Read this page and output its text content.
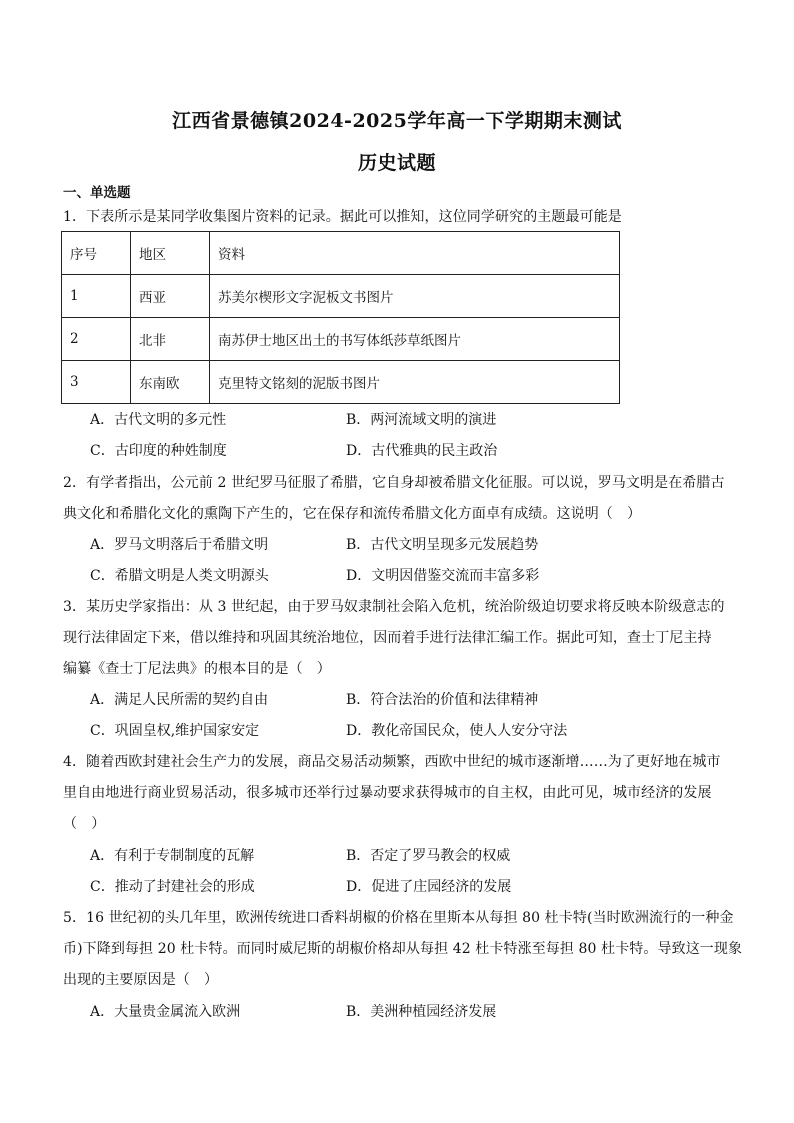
江西省景德镇2024-2025学年高一下学期期末测试
历史试题
一、单选题
1．下表所示是某同学收集图片资料的记录。据此可以推知，这位同学研究的主题最可能是
序号	地区	资料
1	西亚	苏美尔楔形文字泥板文书图片
2	北非	南苏伊士地区出土的书写体纸莎草纸图片
3	东南欧	克里特文铭刻的泥版书图片
A．古代文明的多元性	B．两河流域文明的演进
C．古印度的种姓制度	D．古代雅典的民主政治
2．有学者指出，公元前 2 世纪罗马征服了希腊，它自身却被希腊文化征服。可以说，罗马文明是在希腊古
典文化和希腊化文化的熏陶下产生的，它在保存和流传希腊文化方面卓有成绩。这说明（　）
A．罗马文明落后于希腊文明	B．古代文明呈现多元发展趋势
C．希腊文明是人类文明源头	D．文明因借鉴交流而丰富多彩
3．某历史学家指出：从 3 世纪起，由于罗马奴隶制社会陷入危机，统治阶级迫切要求将反映本阶级意志的
现行法律固定下来，借以维持和巩固其统治地位，因而着手进行法律汇编工作。据此可知，查士丁尼主持
编纂《查士丁尼法典》的根本目的是（　）
A．满足人民所需的契约自由	B．符合法治的价值和法律精神
C．巩固皇权,维护国家安定	D．教化帝国民众，使人人安分守法
4．随着西欧封建社会生产力的发展，商品交易活动频繁，西欧中世纪的城市逐渐增……为了更好地在城市
里自由地进行商业贸易活动，很多城市还举行过暴动要求获得城市的自主权，由此可见，城市经济的发展
（　）
A．有利于专制制度的瓦解	B．否定了罗马教会的权威
C．推动了封建社会的形成	D．促进了庄园经济的发展
5．16 世纪初的头几年里，欧洲传统进口香料胡椒的价格在里斯本从每担 80 杜卡特(当时欧洲流行的一种金
币)下降到每担 20 杜卡特。而同时威尼斯的胡椒价格却从每担 42 杜卡特涨至每担 80 杜卡特。导致这一现象
出现的主要原因是（　）
A．大量贵金属流入欧洲	B．美洲种植园经济发展
